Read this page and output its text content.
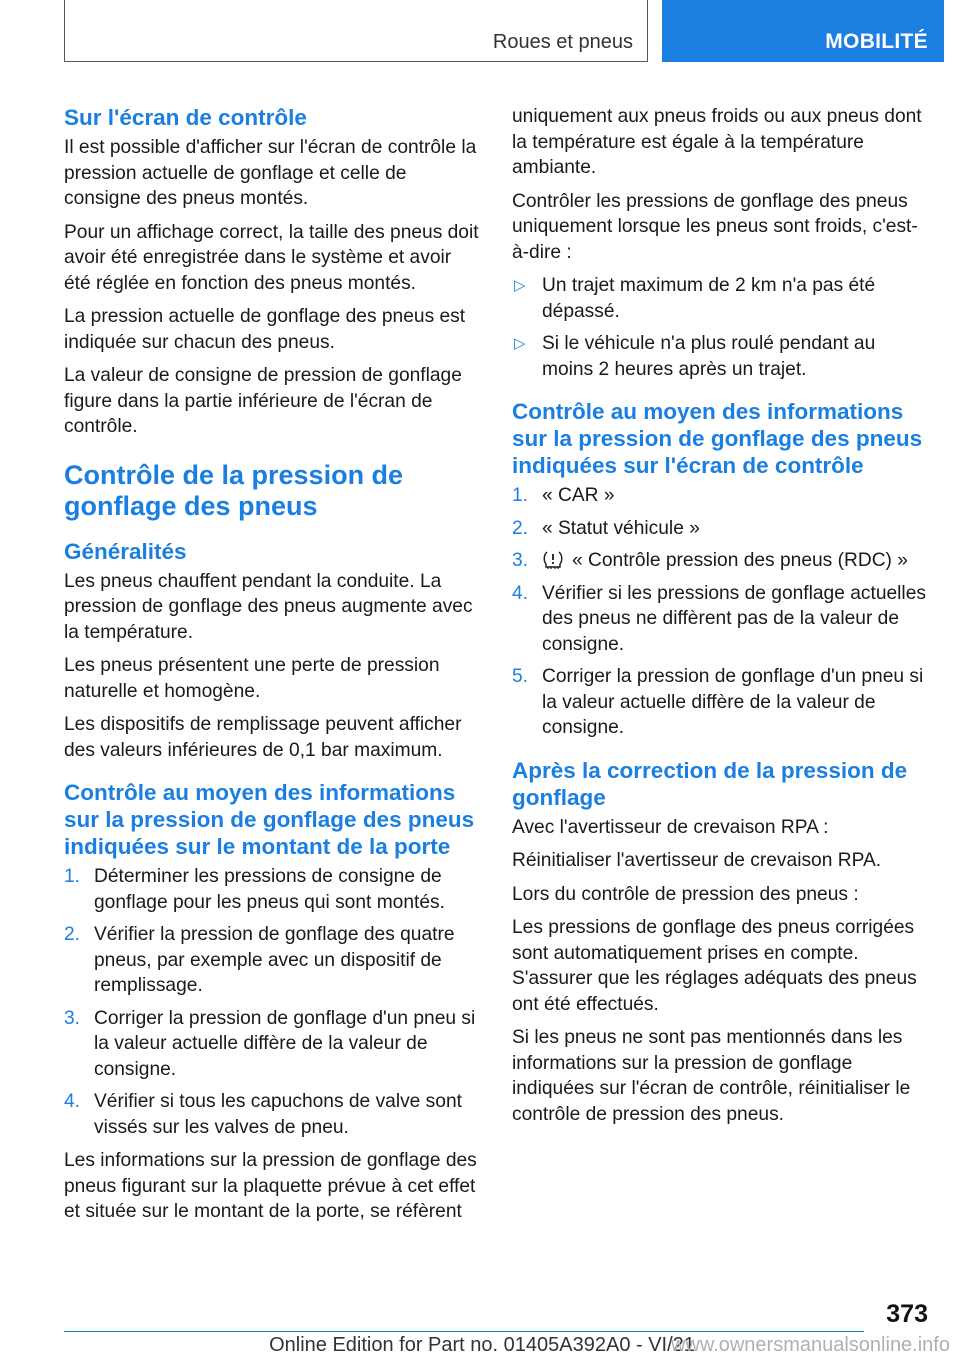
Roues et pneus	MOBILITÉ
Sur l'écran de contrôle

Il est possible d'afficher sur l'écran de contrôle la pression actuelle de gonflage et celle de consigne des pneus montés.

Pour un affichage correct, la taille des pneus doit avoir été enregistrée dans le système et avoir été réglée en fonction des pneus montés.

La pression actuelle de gonflage des pneus est indiquée sur chacun des pneus.

La valeur de consigne de pression de gonflage figure dans la partie inférieure de l'écran de contrôle.

Contrôle de la pression de gonflage des pneus
Généralités

Les pneus chauffent pendant la conduite. La pression de gonflage des pneus augmente avec la température.

Les pneus présentent une perte de pression naturelle et homogène.

Les dispositifs de remplissage peuvent afficher des valeurs inférieures de 0,1 bar maximum.

Contrôle au moyen des informations sur la pression de gonflage des pneus indiquées sur le montant de la porte
1. Déterminer les pressions de consigne de gonflage pour les pneus qui sont montés.
2. Vérifier la pression de gonflage des quatre pneus, par exemple avec un dispositif de remplissage.
3. Corriger la pression de gonflage d'un pneu si la valeur actuelle diffère de la valeur de consigne.
4. Vérifier si tous les capuchons de valve sont vissés sur les valves de pneu.

Les informations sur la pression de gonflage des pneus figurant sur la plaquette prévue à cet effet et située sur le montant de la porte, se réfèrent

uniquement aux pneus froids ou aux pneus dont la température est égale à la température ambiante.

Contrôler les pressions de gonflage des pneus uniquement lorsque les pneus sont froids, c'est-à-dire :

▷ Un trajet maximum de 2 km n'a pas été dépassé.
▷ Si le véhicule n'a plus roulé pendant au moins 2 heures après un trajet.
Contrôle au moyen des informations sur la pression de gonflage des pneus indiquées sur l'écran de contrôle
1. « CAR »
2. « Statut véhicule »
3. « Contrôle pression des pneus (RDC) »
4. Vérifier si les pressions de gonflage actuelles des pneus ne diffèrent pas de la valeur de consigne.
5. Corriger la pression de gonflage d'un pneu si la valeur actuelle diffère de la valeur de consigne.
Après la correction de la pression de gonflage

Avec l'avertisseur de crevaison RPA :

Réinitialiser l'avertisseur de crevaison RPA.

Lors du contrôle de pression des pneus :

Les pressions de gonflage des pneus corrigées sont automatiquement prises en compte. S'assurer que les réglages adéquats des pneus ont été effectués.

Si les pneus ne sont pas mentionnés dans les informations sur la pression de gonflage indiquées sur l'écran de contrôle, réinitialiser le contrôle de pression des pneus.

373
Online Edition for Part no. 01405A392A0 - VI/21
www.ownersmanualsonline.info
